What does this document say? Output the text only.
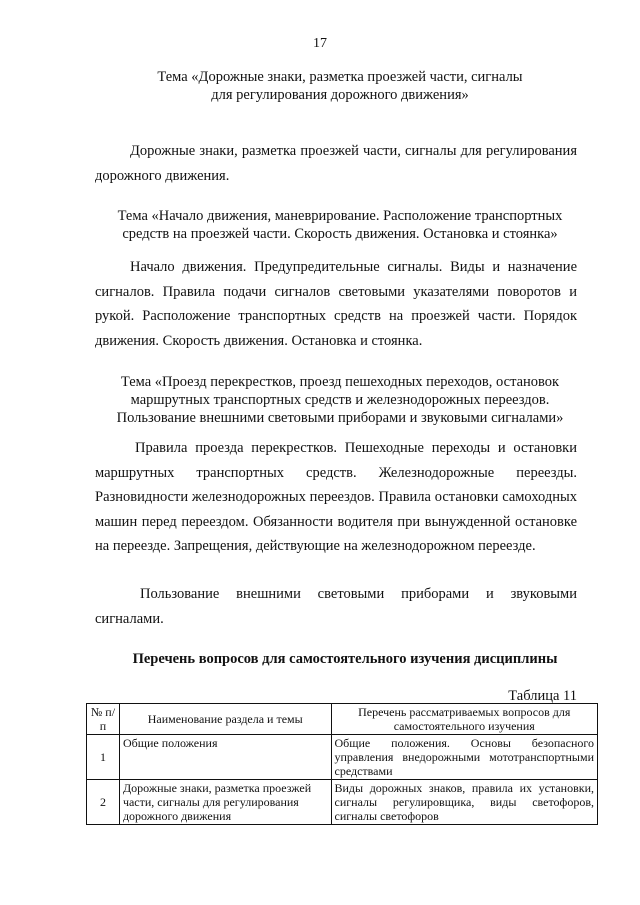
17
Тема «Дорожные знаки, разметка проезжей части, сигналы
для регулирования дорожного движения»
Дорожные знаки, разметка проезжей части, сигналы для регулирования дорожного движения.
Тема «Начало движения, маневрирование. Расположение транспортных
средств на проезжей части. Скорость движения. Остановка и стоянка»
Начало движения. Предупредительные сигналы. Виды и назначение сигналов. Правила подачи сигналов световыми указателями поворотов и рукой. Расположение транспортных средств на проезжей части. Порядок движения. Скорость движения. Остановка и стоянка.
Тема «Проезд перекрестков, проезд пешеходных переходов, остановок
маршрутных транспортных средств и железнодорожных переездов.
Пользование внешними световыми приборами и звуковыми сигналами»
Правила проезда перекрестков. Пешеходные переходы и остановки маршрутных транспортных средств. Железнодорожные переезды. Разновидности железнодорожных переездов. Правила остановки самоходных машин перед переездом. Обязанности водителя при вынужденной остановке на переезде. Запрещения, действующие на железнодорожном переезде.
Пользование внешними световыми приборами и звуковыми сигналами.
Перечень вопросов для самостоятельного изучения дисциплины
Таблица 11
№ п/п	Наименование раздела и темы	Перечень рассматриваемых вопросов для самостоятельного изучения
1	Общие положения	Общие положения. Основы безопасного управления внедорожными мототранспортными средствами
2	Дорожные знаки, разметка проезжей части, сигналы для регулирования дорожного движения	Виды дорожных знаков, правила их установки, сигналы регулировщика, виды светофоров, сигналы светофоров
